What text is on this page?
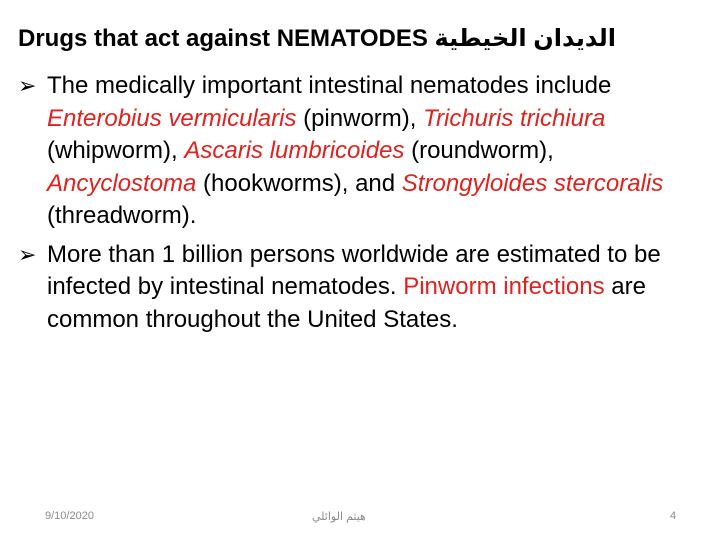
Drugs that act against NEMATODES الديدان الخيطية
➢ The medically important intestinal nematodes include Enterobius vermicularis (pinworm), Trichuris trichiura (whipworm), Ascaris lumbricoides (roundworm), Ancyclostoma (hookworms), and Strongyloides stercoralis (threadworm).
➢ More than 1 billion persons worldwide are estimated to be infected by intestinal nematodes. Pinworm infections are common throughout the United States.
9/10/2020	هيثم الوائلي	4
